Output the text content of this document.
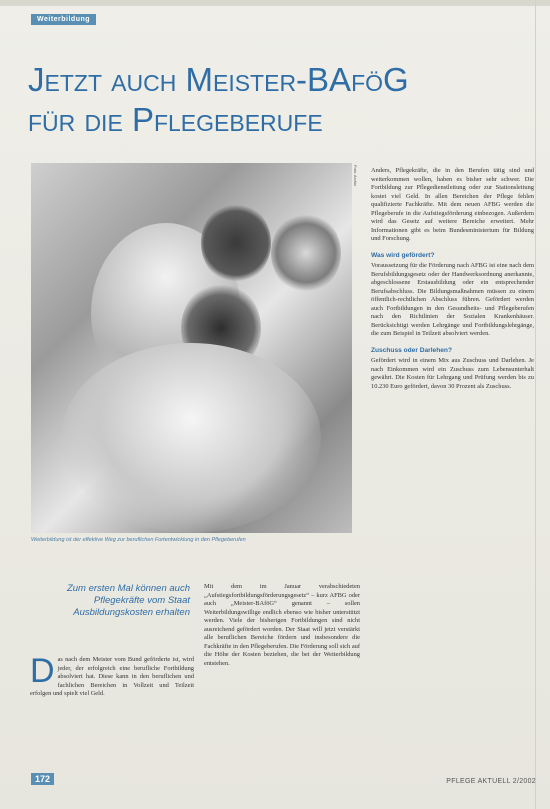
Weiterbildung
Jetzt auch Meister-BAföG
für die Pflegeberufe
Foto: Archiv
Weiterbildung ist der effektive Weg zur beruflichen Fortentwicklung in den Pflegeberufen
Zum ersten Mal können auch Pflegekräfte vom Staat Ausbildungskosten erhalten
D as nach dem Meister vom Bund geförderte ist, wird jeder, der erfolgreich eine berufliche Fortbildung absolviert hat. Diese kann in den beruflichen und fachlichen Bereichen in Vollzeit und Teilzeit erfolgen und spielt viel Geld.

Mit dem im Januar verabschiedeten „Aufstiegsfortbildungsförderungsgesetz“ – kurz AFBG oder auch „Meister-BAföG“ genannt – sollen Weiterbildungswillige endlich ebenso wie bisher unterstützt werden. Viele der bisherigen Fortbildungen sind nicht ausreichend gefördert worden. Der Staat will jetzt verstärkt alle beruflichen Bereiche fördern und insbesondere die Fachkräfte in den Pflegeberufen. Die Förderung soll sich auf die Höhe der Kosten beziehen, die bei der Weiterbildung entstehen.

Anders, Pflegekräfte, die in den Berufen tätig sind und weiterkommen wollen, haben es bisher sehr schwer. Die Fortbildung zur Pflegedienstleitung oder zur Stationsleitung kostet viel Geld. In allen Bereichen der Pflege fehlen qualifizierte Fachkräfte. Mit dem neuen AFBG werden die Pflegeberufe in die Aufstiegsförderung einbezogen. Außerdem wird das Gesetz auf weitere Bereiche erweitert. Mehr Informationen gibt es beim Bundesministerium für Bildung und Forschung.

Was wird gefördert?

Voraussetzung für die Förderung nach AFBG ist eine nach dem Berufsbildungsgesetz oder der Handwerksordnung anerkannte, abgeschlossene Erstausbildung oder ein entsprechender Berufsabschluss. Die Bildungsmaßnahmen müssen zu einem öffentlich-rechtlichen Abschluss führen. Gefördert werden auch Fortbildungen in den Gesundheits- und Pflegeberufen nach den Richtlinien der Sozialen Krankenhäuser. Berücksichtigt werden Lehrgänge und Fortbildungslehrgänge, die zum Beispiel in Teilzeit absolviert werden.

Zuschuss oder Darlehen?

Gefördert wird in einem Mix aus Zuschuss und Darlehen. Je nach Einkommen wird ein Zuschuss zum Lebensunterhalt gewährt. Die Kosten für Lehrgang und Prüfung werden bis zu 10.230 Euro gefördert, davon 30 Prozent als Zuschuss.

172	PFLEGE AKTUELL 2/2002
